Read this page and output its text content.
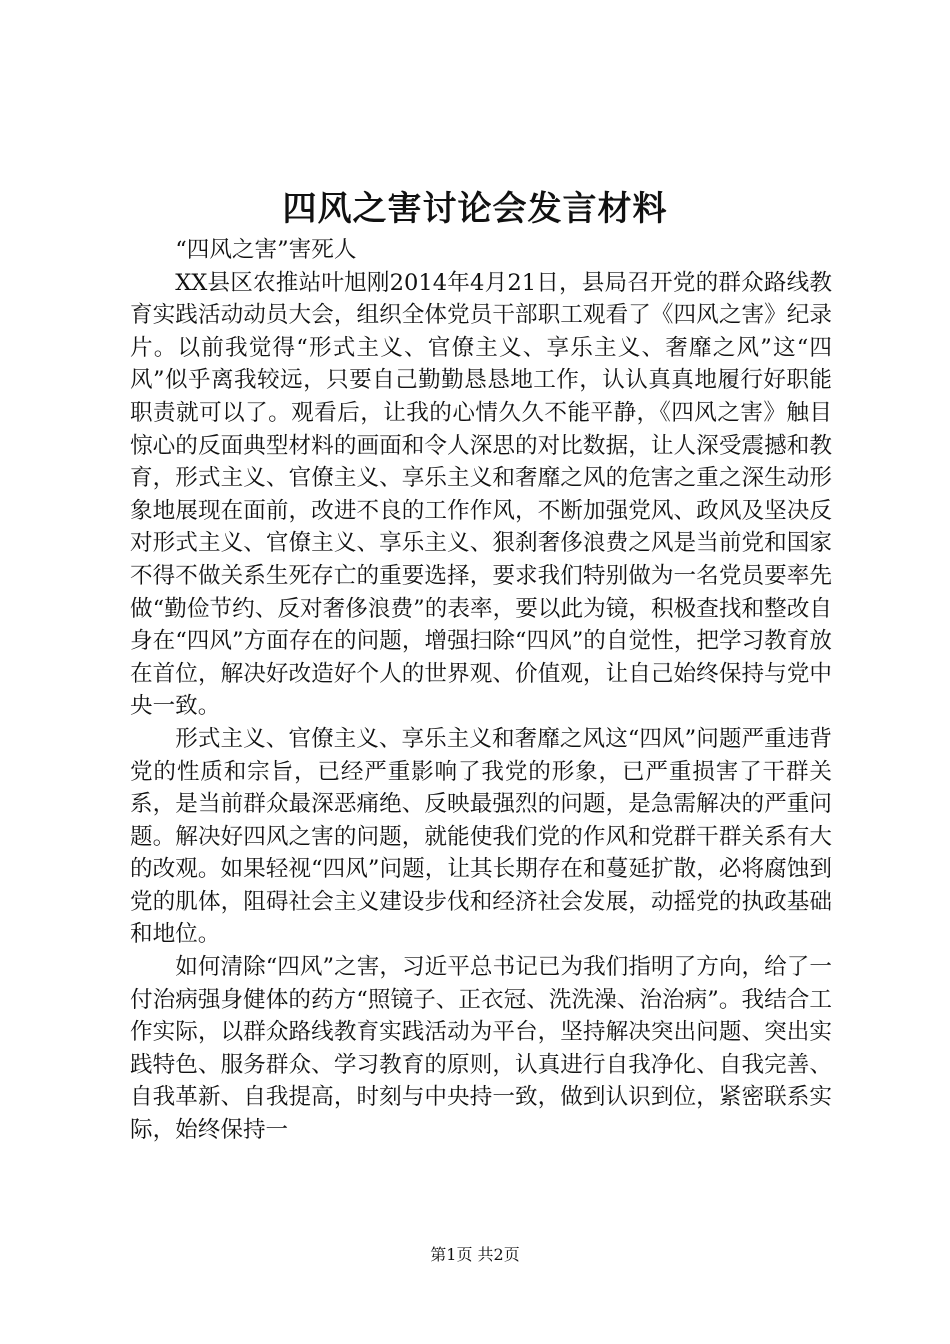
四风之害讨论会发言材料

“四风之害”害死人

XX县区农推站叶旭刚2014年4月21日，县局召开党的群众路线教育实践活动动员大会，组织全体党员干部职工观看了《四风之害》纪录片。以前我觉得“形式主义、官僚主义、享乐主义、奢靡之风”这“四风”似乎离我较远，只要自己勤勤恳恳地工作，认认真真地履行好职能职责就可以了。观看后，让我的心情久久不能平静，《四风之害》触目惊心的反面典型材料的画面和令人深思的对比数据，让人深受震撼和教育，形式主义、官僚主义、享乐主义和奢靡之风的危害之重之深生动形象地展现在面前，改进不良的工作作风，不断加强党风、政风及坚决反对形式主义、官僚主义、享乐主义、狠刹奢侈浪费之风是当前党和国家不得不做关系生死存亡的重要选择，要求我们特别做为一名党员要率先做“勤俭节约、反对奢侈浪费”的表率，要以此为镜，积极查找和整改自身在“四风”方面存在的问题，增强扫除“四风”的自觉性，把学习教育放在首位，解决好改造好个人的世界观、价值观，让自己始终保持与党中央一致。

形式主义、官僚主义、享乐主义和奢靡之风这“四风”问题严重违背党的性质和宗旨，已经严重影响了我党的形象，已严重损害了干群关系，是当前群众最深恶痛绝、反映最强烈的问题，是急需解决的严重问题。解决好四风之害的问题，就能使我们党的作风和党群干群关系有大的改观。如果轻视“四风”问题，让其长期存在和蔓延扩散，必将腐蚀到党的肌体，阻碍社会主义建设步伐和经济社会发展，动摇党的执政基础和地位。

如何清除“四风”之害，习近平总书记已为我们指明了方向，给了一付治病强身健体的药方“照镜子、正衣冠、洗洗澡、治治病”。我结合工作实际，以群众路线教育实践活动为平台，坚持解决突出问题、突出实践特色、服务群众、学习教育的原则，认真进行自我净化、自我完善、自我革新、自我提高，时刻与中央持一致，做到认识到位，紧密联系实际，始终保持一

第1页 共2页
